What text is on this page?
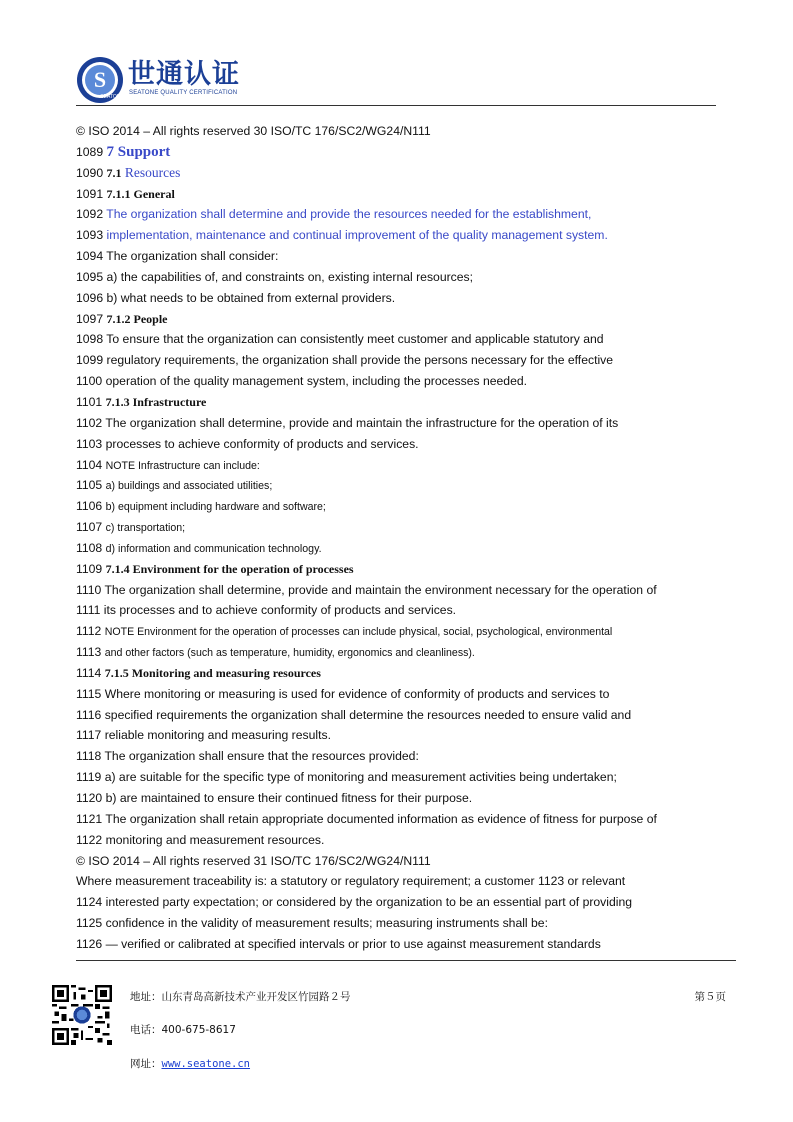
S
SEATONE
世通认证
SEATONE QUALITY CERTIFICATION
© ISO 2014 – All rights reserved 30 ISO/TC 176/SC2/WG24/N111
1089 7 Support
1090 7.1 Resources
1091 7.1.1 General
1092 The organization shall determine and provide the resources needed for the establishment,
1093 implementation, maintenance and continual improvement of the quality management system.
1094 The organization shall consider:
1095 a) the capabilities of, and constraints on, existing internal resources;
1096 b) what needs to be obtained from external providers.
1097 7.1.2 People
1098 To ensure that the organization can consistently meet customer and applicable statutory and
1099 regulatory requirements, the organization shall provide the persons necessary for the effective
1100 operation of the quality management system, including the processes needed.
1101 7.1.3 Infrastructure
1102 The organization shall determine, provide and maintain the infrastructure for the operation of its
1103 processes to achieve conformity of products and services.
1104 NOTE Infrastructure can include:
1105 a) buildings and associated utilities;
1106 b) equipment including hardware and software;
1107 c) transportation;
1108 d) information and communication technology.
1109 7.1.4 Environment for the operation of processes
1110 The organization shall determine, provide and maintain the environment necessary for the operation of
1111 its processes and to achieve conformity of products and services.
1112 NOTE Environment for the operation of processes can include physical, social, psychological, environmental
1113 and other factors (such as temperature, humidity, ergonomics and cleanliness).
1114 7.1.5 Monitoring and measuring resources
1115 Where monitoring or measuring is used for evidence of conformity of products and services to
1116 specified requirements the organization shall determine the resources needed to ensure valid and
1117 reliable monitoring and measuring results.
1118 The organization shall ensure that the resources provided:
1119 a) are suitable for the specific type of monitoring and measurement activities being undertaken;
1120 b) are maintained to ensure their continued fitness for their purpose.
1121 The organization shall retain appropriate documented information as evidence of fitness for purpose of
1122 monitoring and measurement resources.
© ISO 2014 – All rights reserved 31 ISO/TC 176/SC2/WG24/N111
Where measurement traceability is: a statutory or regulatory requirement; a customer 1123 or relevant
1124 interested party expectation; or considered by the organization to be an essential part of providing
1125 confidence in the validity of measurement results; measuring instruments shall be:
1126 — verified or calibrated at specified intervals or prior to use against measurement standards
地址：山东青岛高新技术产业开发区竹园路２号
电话：400-675-8617
网址：www.seatone.cn
第５页
